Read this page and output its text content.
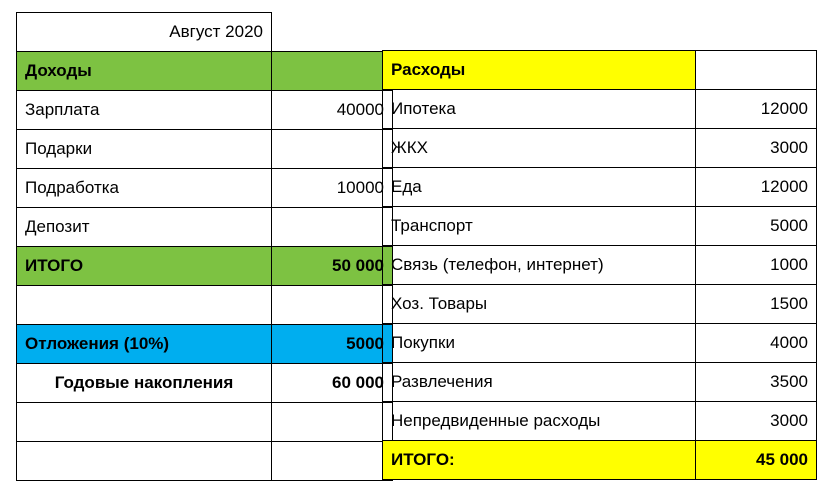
Август 2020	
Доходы	
Зарплата	40000
Подарки	
Подработка	10000
Депозит	
ИТОГО	50 000

Отложения (10%)	5000
Годовые накопления	60 000

Расходы	
Ипотека	12000
ЖКХ	3000
Еда	12000
Транспорт	5000
Связь (телефон, интернет)	1000
Хоз. Товары	1500
Покупки	4000
Развлечения	3500
Непредвиденные расходы	3000
ИТОГО:	45 000
